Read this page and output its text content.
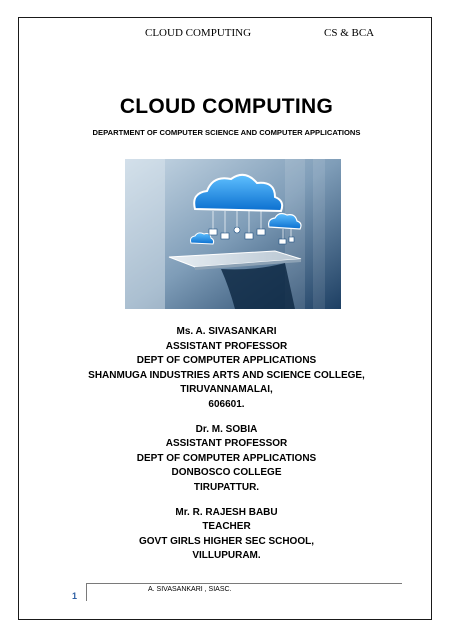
CLOUD COMPUTING	CS & BCA
CLOUD COMPUTING
DEPARTMENT OF COMPUTER SCIENCE AND COMPUTER APPLICATIONS
Ms. A. SIVASANKARI
ASSISTANT PROFESSOR
DEPT OF COMPUTER APPLICATIONS
SHANMUGA INDUSTRIES ARTS AND SCIENCE COLLEGE,
TIRUVANNAMALAI,
606601.
Dr. M. SOBIA
ASSISTANT PROFESSOR
DEPT OF COMPUTER APPLICATIONS
DONBOSCO COLLEGE
TIRUPATTUR.
Mr. R. RAJESH BABU
TEACHER
GOVT GIRLS HIGHER SEC SCHOOL,
VILLUPURAM.
1
A. SIVASANKARI , SIASC.
